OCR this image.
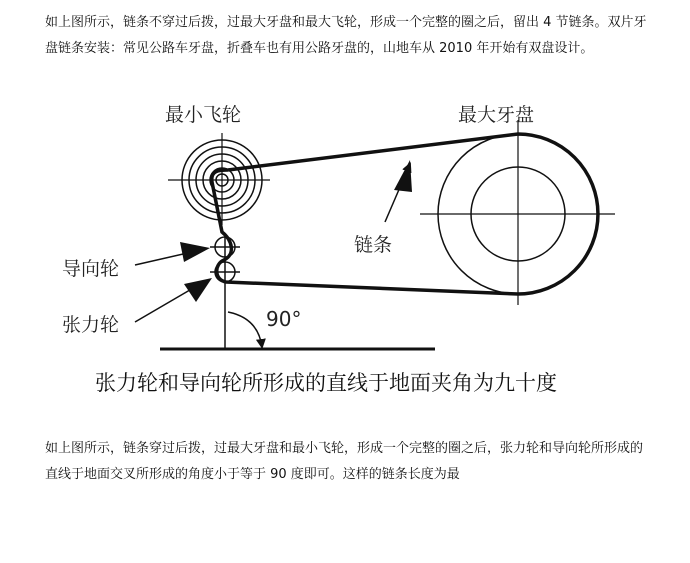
如上图所示，链条不穿过后拨，过最大牙盘和最大飞轮，形成一个完整的圈之后，留出 4 节链条。双片牙盘链条安装：常见公路车牙盘，折叠车也有用公路牙盘的，山地车从 2010 年开始有双盘设计。
最小飞轮	最大牙盘
链条
导向轮
张力轮	90°
张力轮和导向轮所形成的直线于地面夹角为九十度
如上图所示，链条穿过后拨，过最大牙盘和最小飞轮，形成一个完整的圈之后，张力轮和导向轮所形成的直线于地面交叉所形成的角度小于等于 90 度即可。这样的链条长度为最
